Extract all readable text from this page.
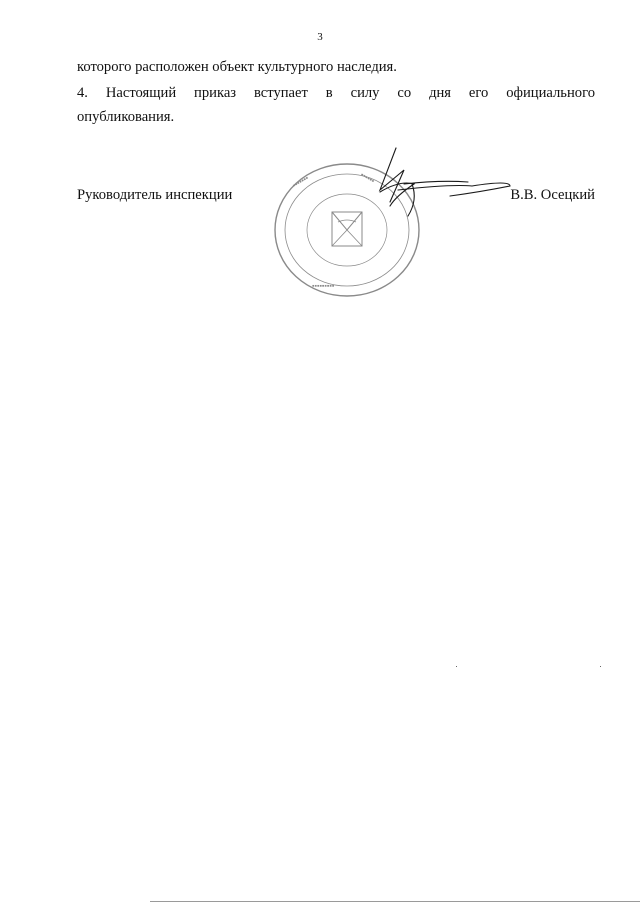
3
которого расположен объект культурного наследия.
4. Настоящий приказ вступает в силу со дня его официального
опубликования.
Руководитель инспекции	В.В. Осецкий
▪▪▪▪▪▪▪	▪▪▪▪▪▪
▪▪▪▪▪▪▪▪▪
